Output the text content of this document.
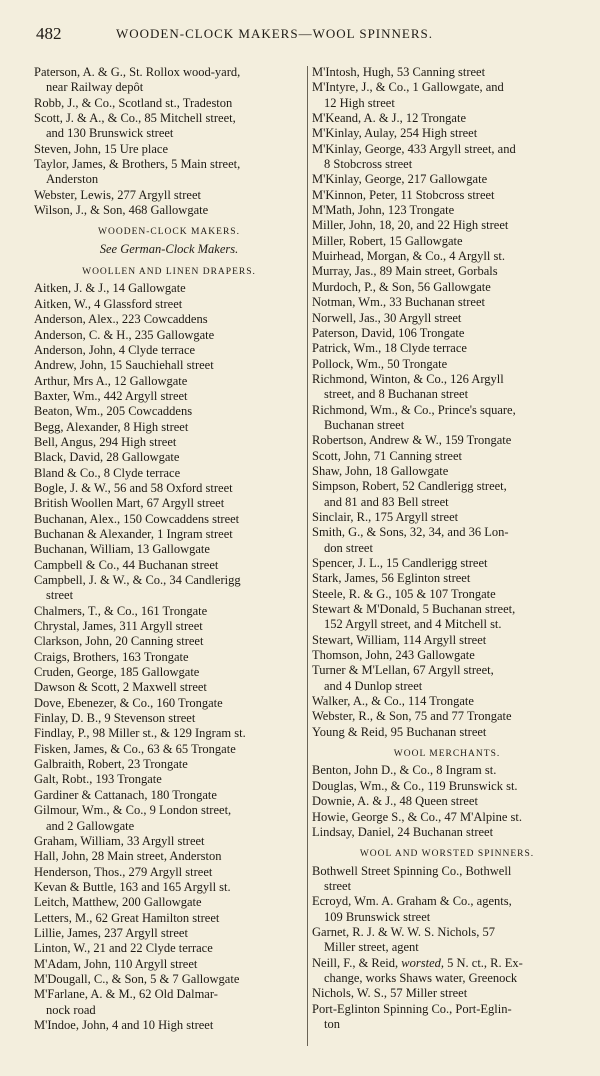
482	WOODEN-CLOCK MAKERS—WOOL SPINNERS.
Paterson, A. & G., St. Rollox wood-yard,
near Railway depôt
Robb, J., & Co., Scotland st., Tradeston
Scott, J. & A., & Co., 85 Mitchell street,
and 130 Brunswick street
Steven, John, 15 Ure place
Taylor, James, & Brothers, 5 Main street,
Anderston
Webster, Lewis, 277 Argyll street
Wilson, J., & Son, 468 Gallowgate
WOODEN-CLOCK MAKERS.
See German-Clock Makers.
WOOLLEN AND LINEN DRAPERS.
Aitken, J. & J., 14 Gallowgate
Aitken, W., 4 Glassford street
Anderson, Alex., 223 Cowcaddens
Anderson, C. & H., 235 Gallowgate
Anderson, John, 4 Clyde terrace
Andrew, John, 15 Sauchiehall street
Arthur, Mrs A., 12 Gallowgate
Baxter, Wm., 442 Argyll street
Beaton, Wm., 205 Cowcaddens
Begg, Alexander, 8 High street
Bell, Angus, 294 High street
Black, David, 28 Gallowgate
Bland & Co., 8 Clyde terrace
Bogle, J. & W., 56 and 58 Oxford street
British Woollen Mart, 67 Argyll street
Buchanan, Alex., 150 Cowcaddens street
Buchanan & Alexander, 1 Ingram street
Buchanan, William, 13 Gallowgate
Campbell & Co., 44 Buchanan street
Campbell, J. & W., & Co., 34 Candlerigg
street
Chalmers, T., & Co., 161 Trongate
Chrystal, James, 311 Argyll street
Clarkson, John, 20 Canning street
Craigs, Brothers, 163 Trongate
Cruden, George, 185 Gallowgate
Dawson & Scott, 2 Maxwell street
Dove, Ebenezer, & Co., 160 Trongate
Finlay, D. B., 9 Stevenson street
Findlay, P., 98 Miller st., & 129 Ingram st.
Fisken, James, & Co., 63 & 65 Trongate
Galbraith, Robert, 23 Trongate
Galt, Robt., 193 Trongate
Gardiner & Cattanach, 180 Trongate
Gilmour, Wm., & Co., 9 London street,
and 2 Gallowgate
Graham, William, 33 Argyll street
Hall, John, 28 Main street, Anderston
Henderson, Thos., 279 Argyll street
Kevan & Buttle, 163 and 165 Argyll st.
Leitch, Matthew, 200 Gallowgate
Letters, M., 62 Great Hamilton street
Lillie, James, 237 Argyll street
Linton, W., 21 and 22 Clyde terrace
M'Adam, John, 110 Argyll street
M'Dougall, C., & Son, 5 & 7 Gallowgate
M'Farlane, A. & M., 62 Old Dalmar-
nock road
M'Indoe, John, 4 and 10 High street
M'Intosh, Hugh, 53 Canning street
M'Intyre, J., & Co., 1 Gallowgate, and
12 High street
M'Keand, A. & J., 12 Trongate
M'Kinlay, Aulay, 254 High street
M'Kinlay, George, 433 Argyll street, and
8 Stobcross street
M'Kinlay, George, 217 Gallowgate
M'Kinnon, Peter, 11 Stobcross street
M'Math, John, 123 Trongate
Miller, John, 18, 20, and 22 High street
Miller, Robert, 15 Gallowgate
Muirhead, Morgan, & Co., 4 Argyll st.
Murray, Jas., 89 Main street, Gorbals
Murdoch, P., & Son, 56 Gallowgate
Notman, Wm., 33 Buchanan street
Norwell, Jas., 30 Argyll street
Paterson, David, 106 Trongate
Patrick, Wm., 18 Clyde terrace
Pollock, Wm., 50 Trongate
Richmond, Winton, & Co., 126 Argyll
street, and 8 Buchanan street
Richmond, Wm., & Co., Prince's square,
Buchanan street
Robertson, Andrew & W., 159 Trongate
Scott, John, 71 Canning street
Shaw, John, 18 Gallowgate
Simpson, Robert, 52 Candlerigg street,
and 81 and 83 Bell street
Sinclair, R., 175 Argyll street
Smith, G., & Sons, 32, 34, and 36 Lon-
don street
Spencer, J. L., 15 Candlerigg street
Stark, James, 56 Eglinton street
Steele, R. & G., 105 & 107 Trongate
Stewart & M'Donald, 5 Buchanan street,
152 Argyll street, and 4 Mitchell st.
Stewart, William, 114 Argyll street
Thomson, John, 243 Gallowgate
Turner & M'Lellan, 67 Argyll street,
and 4 Dunlop street
Walker, A., & Co., 114 Trongate
Webster, R., & Son, 75 and 77 Trongate
Young & Reid, 95 Buchanan street
WOOL MERCHANTS.
Benton, John D., & Co., 8 Ingram st.
Douglas, Wm., & Co., 119 Brunswick st.
Downie, A. & J., 48 Queen street
Howie, George S., & Co., 47 M'Alpine st.
Lindsay, Daniel, 24 Buchanan street
WOOL AND WORSTED SPINNERS.
Bothwell Street Spinning Co., Bothwell
street
Ecroyd, Wm. A. Graham & Co., agents,
109 Brunswick street
Garnet, R. J. & W. W. S. Nichols, 57
Miller street, agent
Neill, F., & Reid, worsted, 5 N. ct., R. Ex-
change, works Shaws water, Greenock
Nichols, W. S., 57 Miller street
Port-Eglinton Spinning Co., Port-Eglin-
ton
